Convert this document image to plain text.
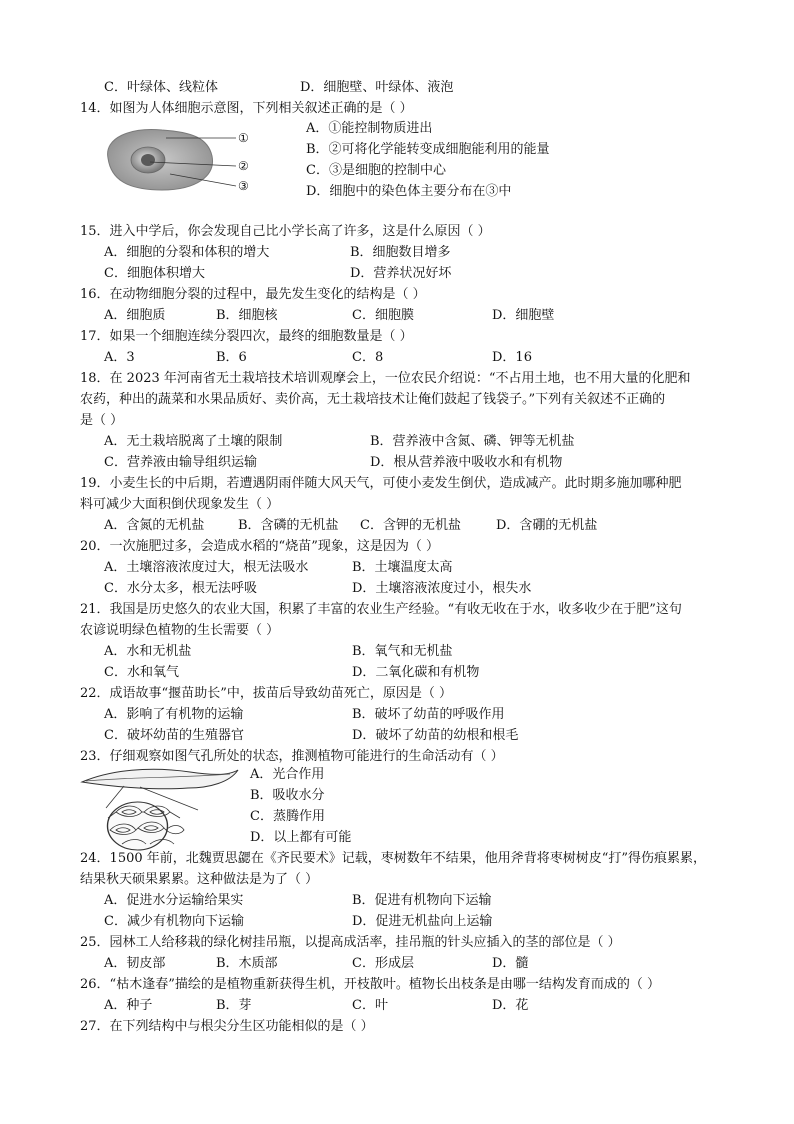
C．叶绿体、线粒体	D．细胞壁、叶绿体、液泡
14．如图为人体细胞示意图，下列相关叙述正确的是（ ）
①
②
③
A．①能控制物质进出
B．②可将化学能转变成细胞能利用的能量
C．③是细胞的控制中心
D．细胞中的染色体主要分布在③中
15．进入中学后，你会发现自己比小学长高了许多，这是什么原因（ ）
A．细胞的分裂和体积的增大	B．细胞数目增多
C．细胞体积增大	D．营养状况好坏
16．在动物细胞分裂的过程中，最先发生变化的结构是（ ）
A．细胞质	B．细胞核	C．细胞膜	D．细胞壁
17．如果一个细胞连续分裂四次，最终的细胞数量是（ ）
A．3	B．6	C．8	D．16
18．在 2023 年河南省无土栽培技术培训观摩会上，一位农民介绍说：“不占用土地，也不用大量的化肥和
农药，种出的蔬菜和水果品质好、卖价高，无土栽培技术让俺们鼓起了钱袋子。”下列有关叙述不正确的
是（ ）
A．无土栽培脱离了土壤的限制	B．营养液中含氮、磷、钾等无机盐
C．营养液由输导组织运输	D．根从营养液中吸收水和有机物
19．小麦生长的中后期，若遭遇阴雨伴随大风天气，可使小麦发生倒伏，造成减产。此时期多施加哪种肥
料可减少大面积倒伏现象发生（ ）
A．含氮的无机盐	B．含磷的无机盐 C．含钾的无机盐	D．含硼的无机盐
20．一次施肥过多，会造成水稻的“烧苗”现象，这是因为（ ）
A．土壤溶液浓度过大，根无法吸水	B．土壤温度太高
C．水分太多，根无法呼吸	D．土壤溶液浓度过小，根失水
21．我国是历史悠久的农业大国，积累了丰富的农业生产经验。“有收无收在于水，收多收少在于肥”这句
农谚说明绿色植物的生长需要（ ）
A．水和无机盐	B．氧气和无机盐
C．水和氧气	D．二氧化碳和有机物
22．成语故事“揠苗助长”中，拔苗后导致幼苗死亡，原因是（ ）
A．影响了有机物的运输	B．破坏了幼苗的呼吸作用
C．破坏幼苗的生殖器官	D．破坏了幼苗的幼根和根毛
23．仔细观察如图气孔所处的状态，推测植物可能进行的生命活动有（ ）
A．光合作用
B．吸收水分
C．蒸腾作用
D．以上都有可能
24．1500 年前，北魏贾思勰在《齐民要术》记载，枣树数年不结果，他用斧背将枣树树皮“打”得伤痕累累，
结果秋天硕果累累。这种做法是为了（ ）
A．促进水分运输给果实	B．促进有机物向下运输
C．减少有机物向下运输	D．促进无机盐向上运输
25．园林工人给移栽的绿化树挂吊瓶，以提高成活率，挂吊瓶的针头应插入的茎的部位是（ ）
A．韧皮部	B．木质部	C．形成层	D．髓
26．“枯木逢春”描绘的是植物重新获得生机，开枝散叶。植物长出枝条是由哪一结构发育而成的（ ）
A．种子	B．芽	C．叶	D．花
27．在下列结构中与根尖分生区功能相似的是（ ）
